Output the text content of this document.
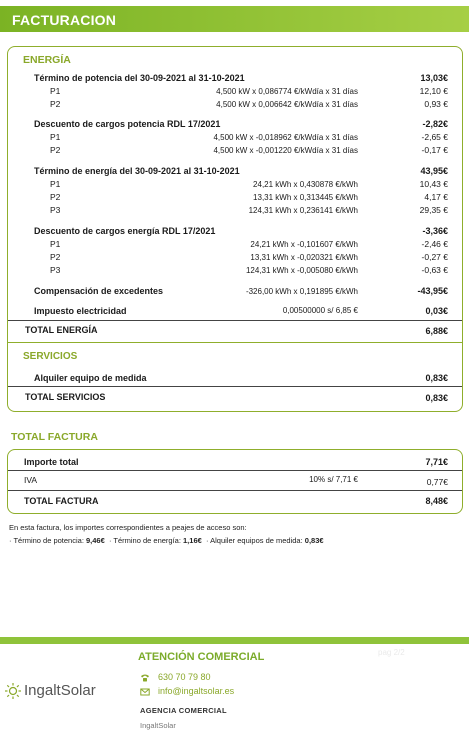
FACTURACION
ENERGÍA
Término de potencia del 30-09-2021 al 31-10-2021	13,03€
P1	4,500 kW x 0,086774 €/kWdía x 31 días	12,10 €
P2	4,500 kW x 0,006642 €/kWdía x 31 días	0,93 €
Descuento de cargos potencia RDL 17/2021	-2,82€
P1	4,500 kW x -0,018962 €/kWdía x 31 días	-2,65 €
P2	4,500 kW x -0,001220 €/kWdía x 31 días	-0,17 €
Término de energía del 30-09-2021 al 31-10-2021	43,95€
P1	24,21 kWh x 0,430878 €/kWh	10,43 €
P2	13,31 kWh x 0,313445 €/kWh	4,17 €
P3	124,31 kWh x 0,236141 €/kWh	29,35 €
Descuento de cargos energía RDL 17/2021	-3,36€
P1	24,21 kWh x -0,101607 €/kWh	-2,46 €
P2	13,31 kWh x -0,020321 €/kWh	-0,27 €
P3	124,31 kWh x -0,005080 €/kWh	-0,63 €
Compensación de excedentes	-326,00 kWh x 0,191895 €/kWh	-43,95€
Impuesto electricidad	0,00500000 s/ 6,85 €	0,03€
TOTAL ENERGÍA	6,88€
SERVICIOS
Alquiler equipo de medida	0,83€
TOTAL SERVICIOS	0,83€
TOTAL FACTURA
Importe total	7,71€
IVA	10% s/ 7,71 €	0,77€
TOTAL FACTURA	8,48€
En esta factura, los importes correspondientes a peajes de acceso son:
· Término de potencia: 9,46€  · Término de energía: 1,16€  · Alquiler equipos de medida: 0,83€
pag 2/2
IngaltSolar
ATENCIÓN COMERCIAL
630 70 79 80
info@ingaltsolar.es
AGENCIA COMERCIAL
IngaltSolar
